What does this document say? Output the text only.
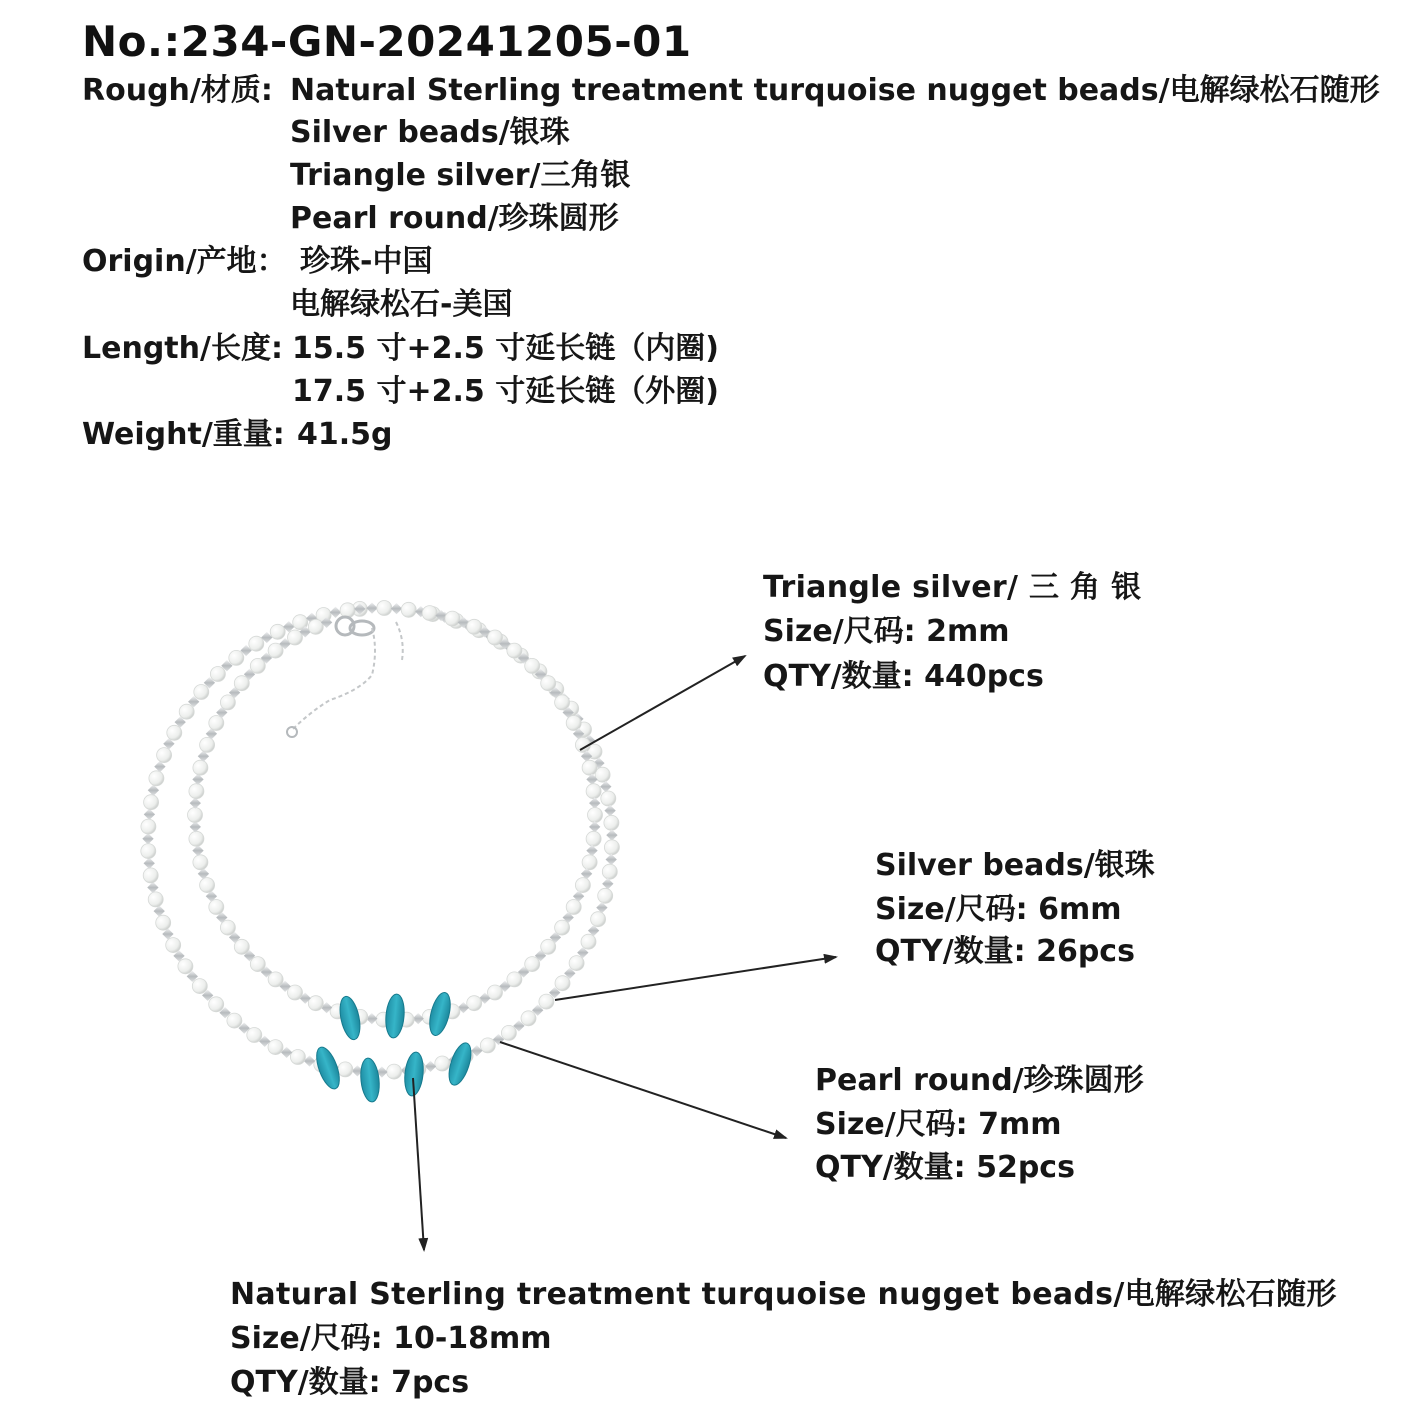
No.:234-GN-20241205-01
Rough/材质: Natural Sterling treatment turquoise nugget beads/电解绿松石随形
Silver beads/银珠
Triangle silver/三角银
Pearl round/珍珠圆形
Origin/产地： 珍珠-中国
电解绿松石-美国
Length/长度: 15.5 寸+2.5 寸延长链（内圈)
17.5 寸+2.5 寸延长链（外圈)
Weight/重量: 41.5g
Triangle silver/ 三 角 银
Size/尺码: 2mm
QTY/数量: 440pcs
Silver beads/银珠
Size/尺码: 6mm
QTY/数量: 26pcs
Pearl round/珍珠圆形
Size/尺码: 7mm
QTY/数量: 52pcs
Natural Sterling treatment turquoise nugget beads/电解绿松石随形
Size/尺码: 10-18mm
QTY/数量: 7pcs
